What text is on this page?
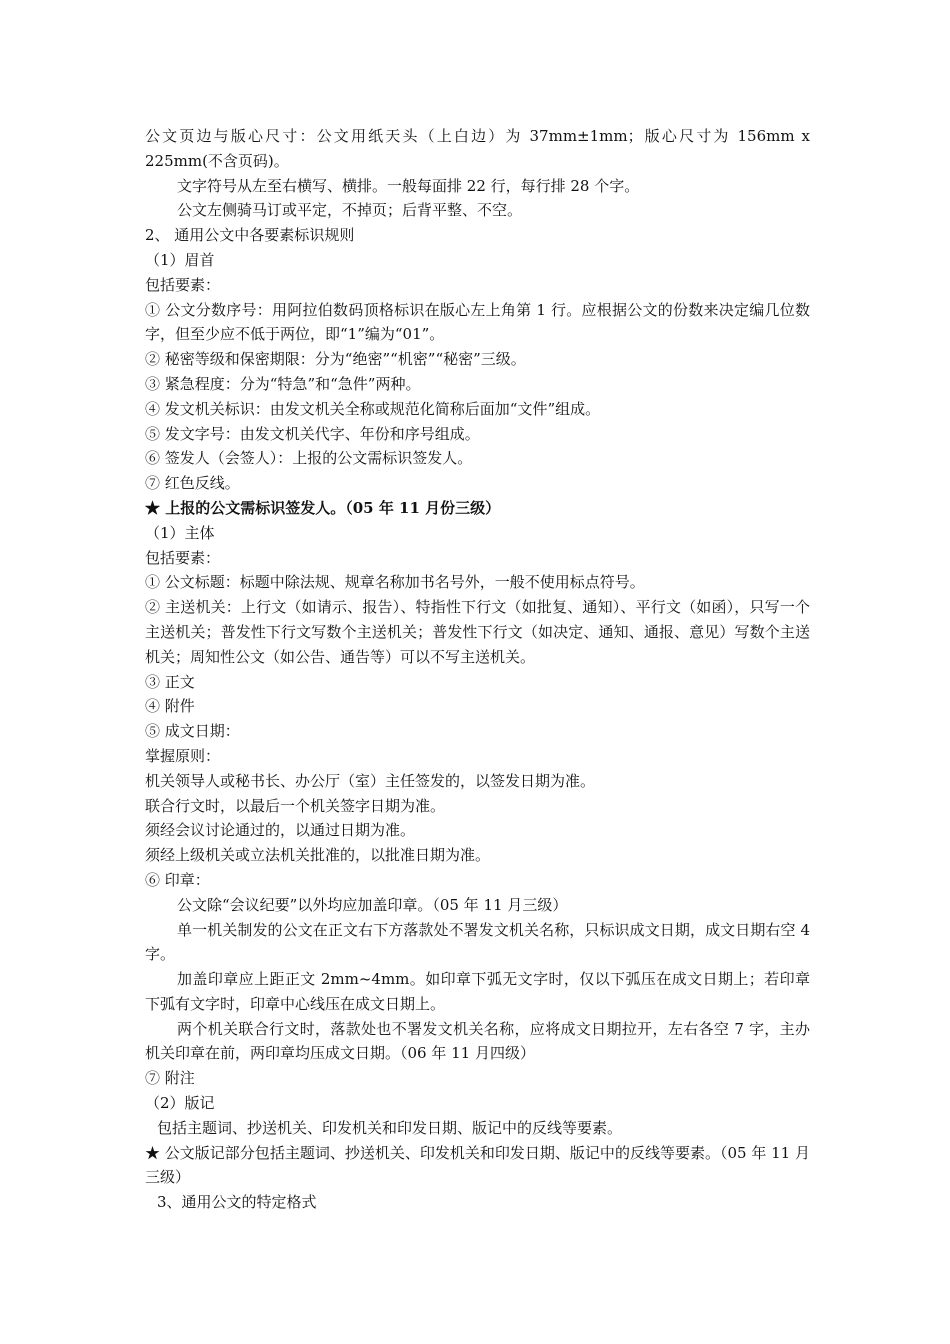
公文页边与版心尺寸：公文用纸天头（上白边）为 37mm±1mm；版心尺寸为 156mm x 225mm(不含页码)。
文字符号从左至右横写、横排。一般每面排 22 行，每行排 28 个字。
公文左侧骑马订或平定，不掉页；后背平整、不空。
2、 通用公文中各要素标识规则
（1）眉首
包括要素：
① 公文分数序号：用阿拉伯数码顶格标识在版心左上角第 1 行。应根据公文的份数来决定编几位数字，但至少应不低于两位，即“1”编为“01”。
② 秘密等级和保密期限：分为“绝密”“机密”“秘密”三级。
③ 紧急程度：分为“特急”和“急件”两种。
④ 发文机关标识：由发文机关全称或规范化简称后面加“文件”组成。
⑤ 发文字号：由发文机关代字、年份和序号组成。
⑥ 签发人（会签人）：上报的公文需标识签发人。
⑦ 红色反线。
★ 上报的公文需标识签发人。（05 年 11 月份三级）
（1）主体
包括要素：
① 公文标题：标题中除法规、规章名称加书名号外，一般不使用标点符号。
② 主送机关：上行文（如请示、报告）、特指性下行文（如批复、通知）、平行文（如函），只写一个主送机关；普发性下行文写数个主送机关；普发性下行文（如决定、通知、通报、意见）写数个主送机关；周知性公文（如公告、通告等）可以不写主送机关。
③ 正文
④ 附件
⑤ 成文日期：
掌握原则：
机关领导人或秘书长、办公厅（室）主任签发的，以签发日期为准。
联合行文时，以最后一个机关签字日期为准。
须经会议讨论通过的，以通过日期为准。
须经上级机关或立法机关批准的，以批准日期为准。
⑥ 印章：
公文除“会议纪要”以外均应加盖印章。（05 年 11 月三级）
单一机关制发的公文在正文右下方落款处不署发文机关名称，只标识成文日期，成文日期右空 4 字。
加盖印章应上距正文 2mm~4mm。如印章下弧无文字时，仅以下弧压在成文日期上；若印章下弧有文字时，印章中心线压在成文日期上。
两个机关联合行文时，落款处也不署发文机关名称，应将成文日期拉开，左右各空 7 字，主办机关印章在前，两印章均压成文日期。（06 年 11 月四级）
⑦ 附注
（2）版记
包括主题词、抄送机关、印发机关和印发日期、版记中的反线等要素。
★ 公文版记部分包括主题词、抄送机关、印发机关和印发日期、版记中的反线等要素。（05 年 11 月三级）
3、通用公文的特定格式
